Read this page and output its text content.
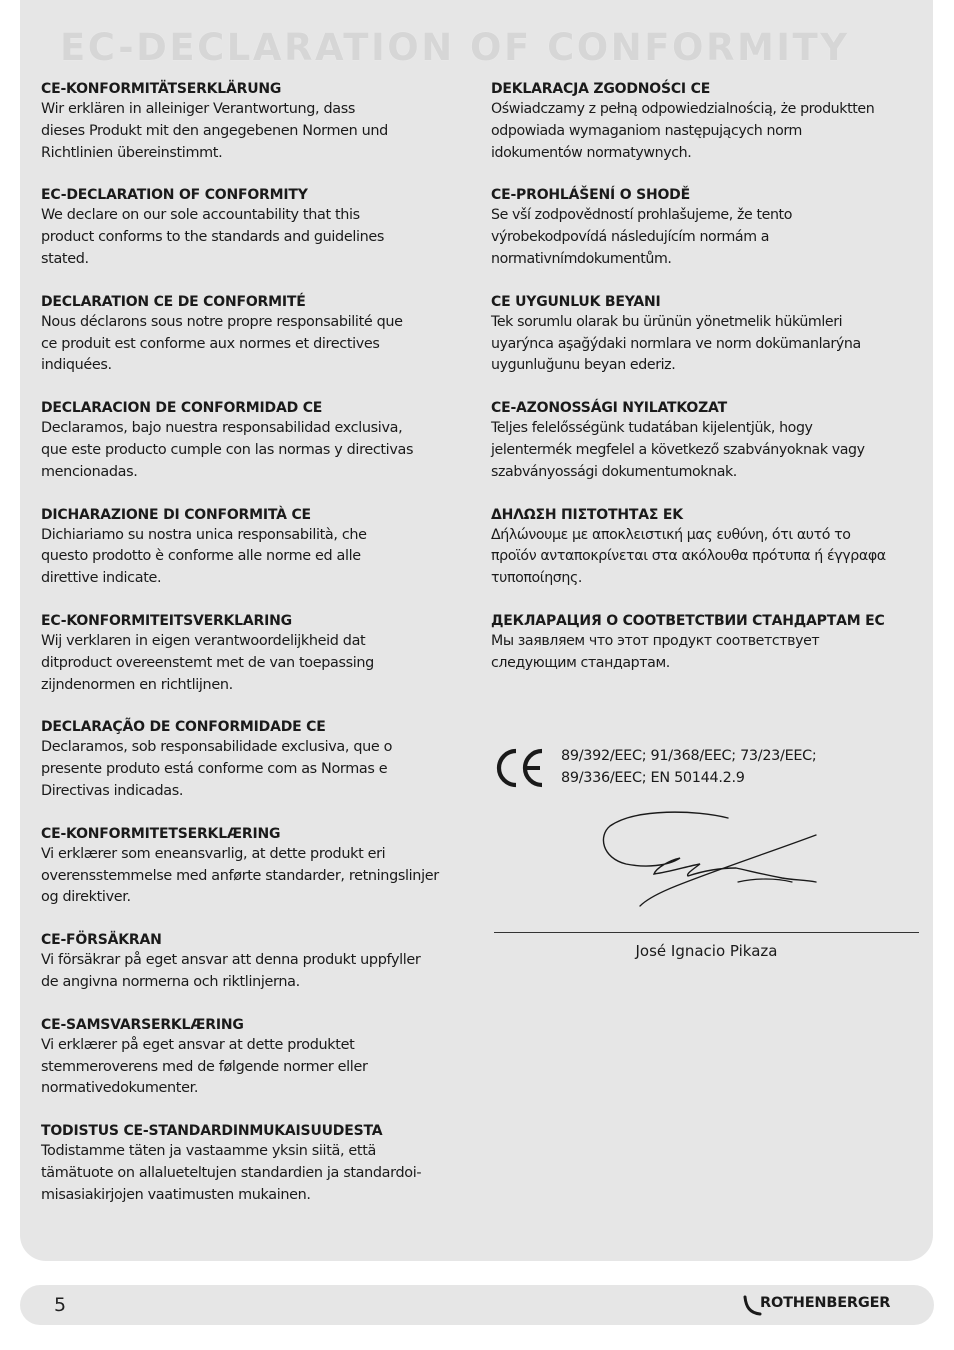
EC-DECLARATION OF CONFORMITY

CE-KONFORMITÄTSERKLÄRUNG

Wir erklären in alleiniger Verantwortung, dass
dieses Produkt mit den angegebenen Normen und
Richtlinien übereinstimmt.

EC-DECLARATION OF CONFORMITY

We declare on our sole accountability that this
product conforms to the standards and guidelines
stated.

DECLARATION CE DE CONFORMITÉ

Nous déclarons sous notre propre responsabilité que
ce produit est conforme aux normes et directives
indiquées.

DECLARACION DE CONFORMIDAD CE

Declaramos, bajo nuestra responsabilidad exclusiva,
que este producto cumple con las normas y directivas
mencionadas.

DICHARAZIONE DI CONFORMITÀ CE

Dichiariamo su nostra unica responsabilità, che
questo prodotto è conforme alle norme ed alle
direttive indicate.

EC-KONFORMITEITSVERKLARING

Wij verklaren in eigen verantwoordelijkheid dat
ditproduct overeenstemt met de van toepassing
zijndenormen en richtlijnen.

DECLARAÇÃO DE CONFORMIDADE CE

Declaramos, sob responsabilidade exclusiva, que o
presente produto está conforme com as Normas e
Directivas indicadas.

CE-KONFORMITETSERKLÆRING

Vi erklærer som eneansvarlig, at dette produkt eri
overensstemmelse med anførte standarder, retningslinjer
og direktiver.

CE-FÖRSÄKRAN

Vi försäkrar på eget ansvar att denna produkt uppfyller
de angivna normerna och riktlinjerna.

CE-SAMSVARSERKLÆRING

Vi erklærer på eget ansvar at dette produktet
stemmeroverens med de følgende normer eller
normativedokumenter.

TODISTUS CE-STANDARDINMUKAISUUDESTA

Todistamme täten ja vastaamme yksin siitä, että
tämätuote on allalueteltujen standardien ja standardoi-
misasiakirjojen vaatimusten mukainen.

DEKLARACJA ZGODNOŚCI CE

Oświadczamy z pełną odpowiedzialnością, że produktten
odpowiada wymaganiom następujących norm
idokumentów normatywnych.

CE-PROHLÁŠENÍ O SHODĚ

Se vší zodpovědností prohlašujeme, že tento
výrobekodpovídá následujícím normám a
normativnímdokumentům.

CE UYGUNLUK BEYANI

Tek sorumlu olarak bu ürünün yönetmelik hükümleri
uyarýnca aşağýdaki normlara ve norm dokümanlarýna
uygunluğunu beyan ederiz.

CE-AZONOSSÁGI NYILATKOZAT

Teljes felelősségünk tudatában kijelentjük, hogy
jelentermék megfelel a következő szabványoknak vagy
szabványossági dokumentumoknak.

ΔΗΛΩΣΗ ΠΙΣΤΟΤΗΤΑΣ ΕΚ

Δήλώνουμε με αποκλειστική μας ευθύνη, ότι αυτό το
προϊόν ανταποκρίνεται στα ακόλουθα πρότυπα ή έγγραφα
τυποποίησης.

ДЕКЛАРАЦИЯ О СООТВЕТСТВИИ СТАНДАРТАМ ЕС

Мы заявляем что этот продукт соответствует
следующим стандартам.

89/392/EEC; 91/368/EEC; 73/23/EEC;
89/336/EEC; EN 50144.2.9
José Ignacio Pikaza
5	ROTHENBERGER
